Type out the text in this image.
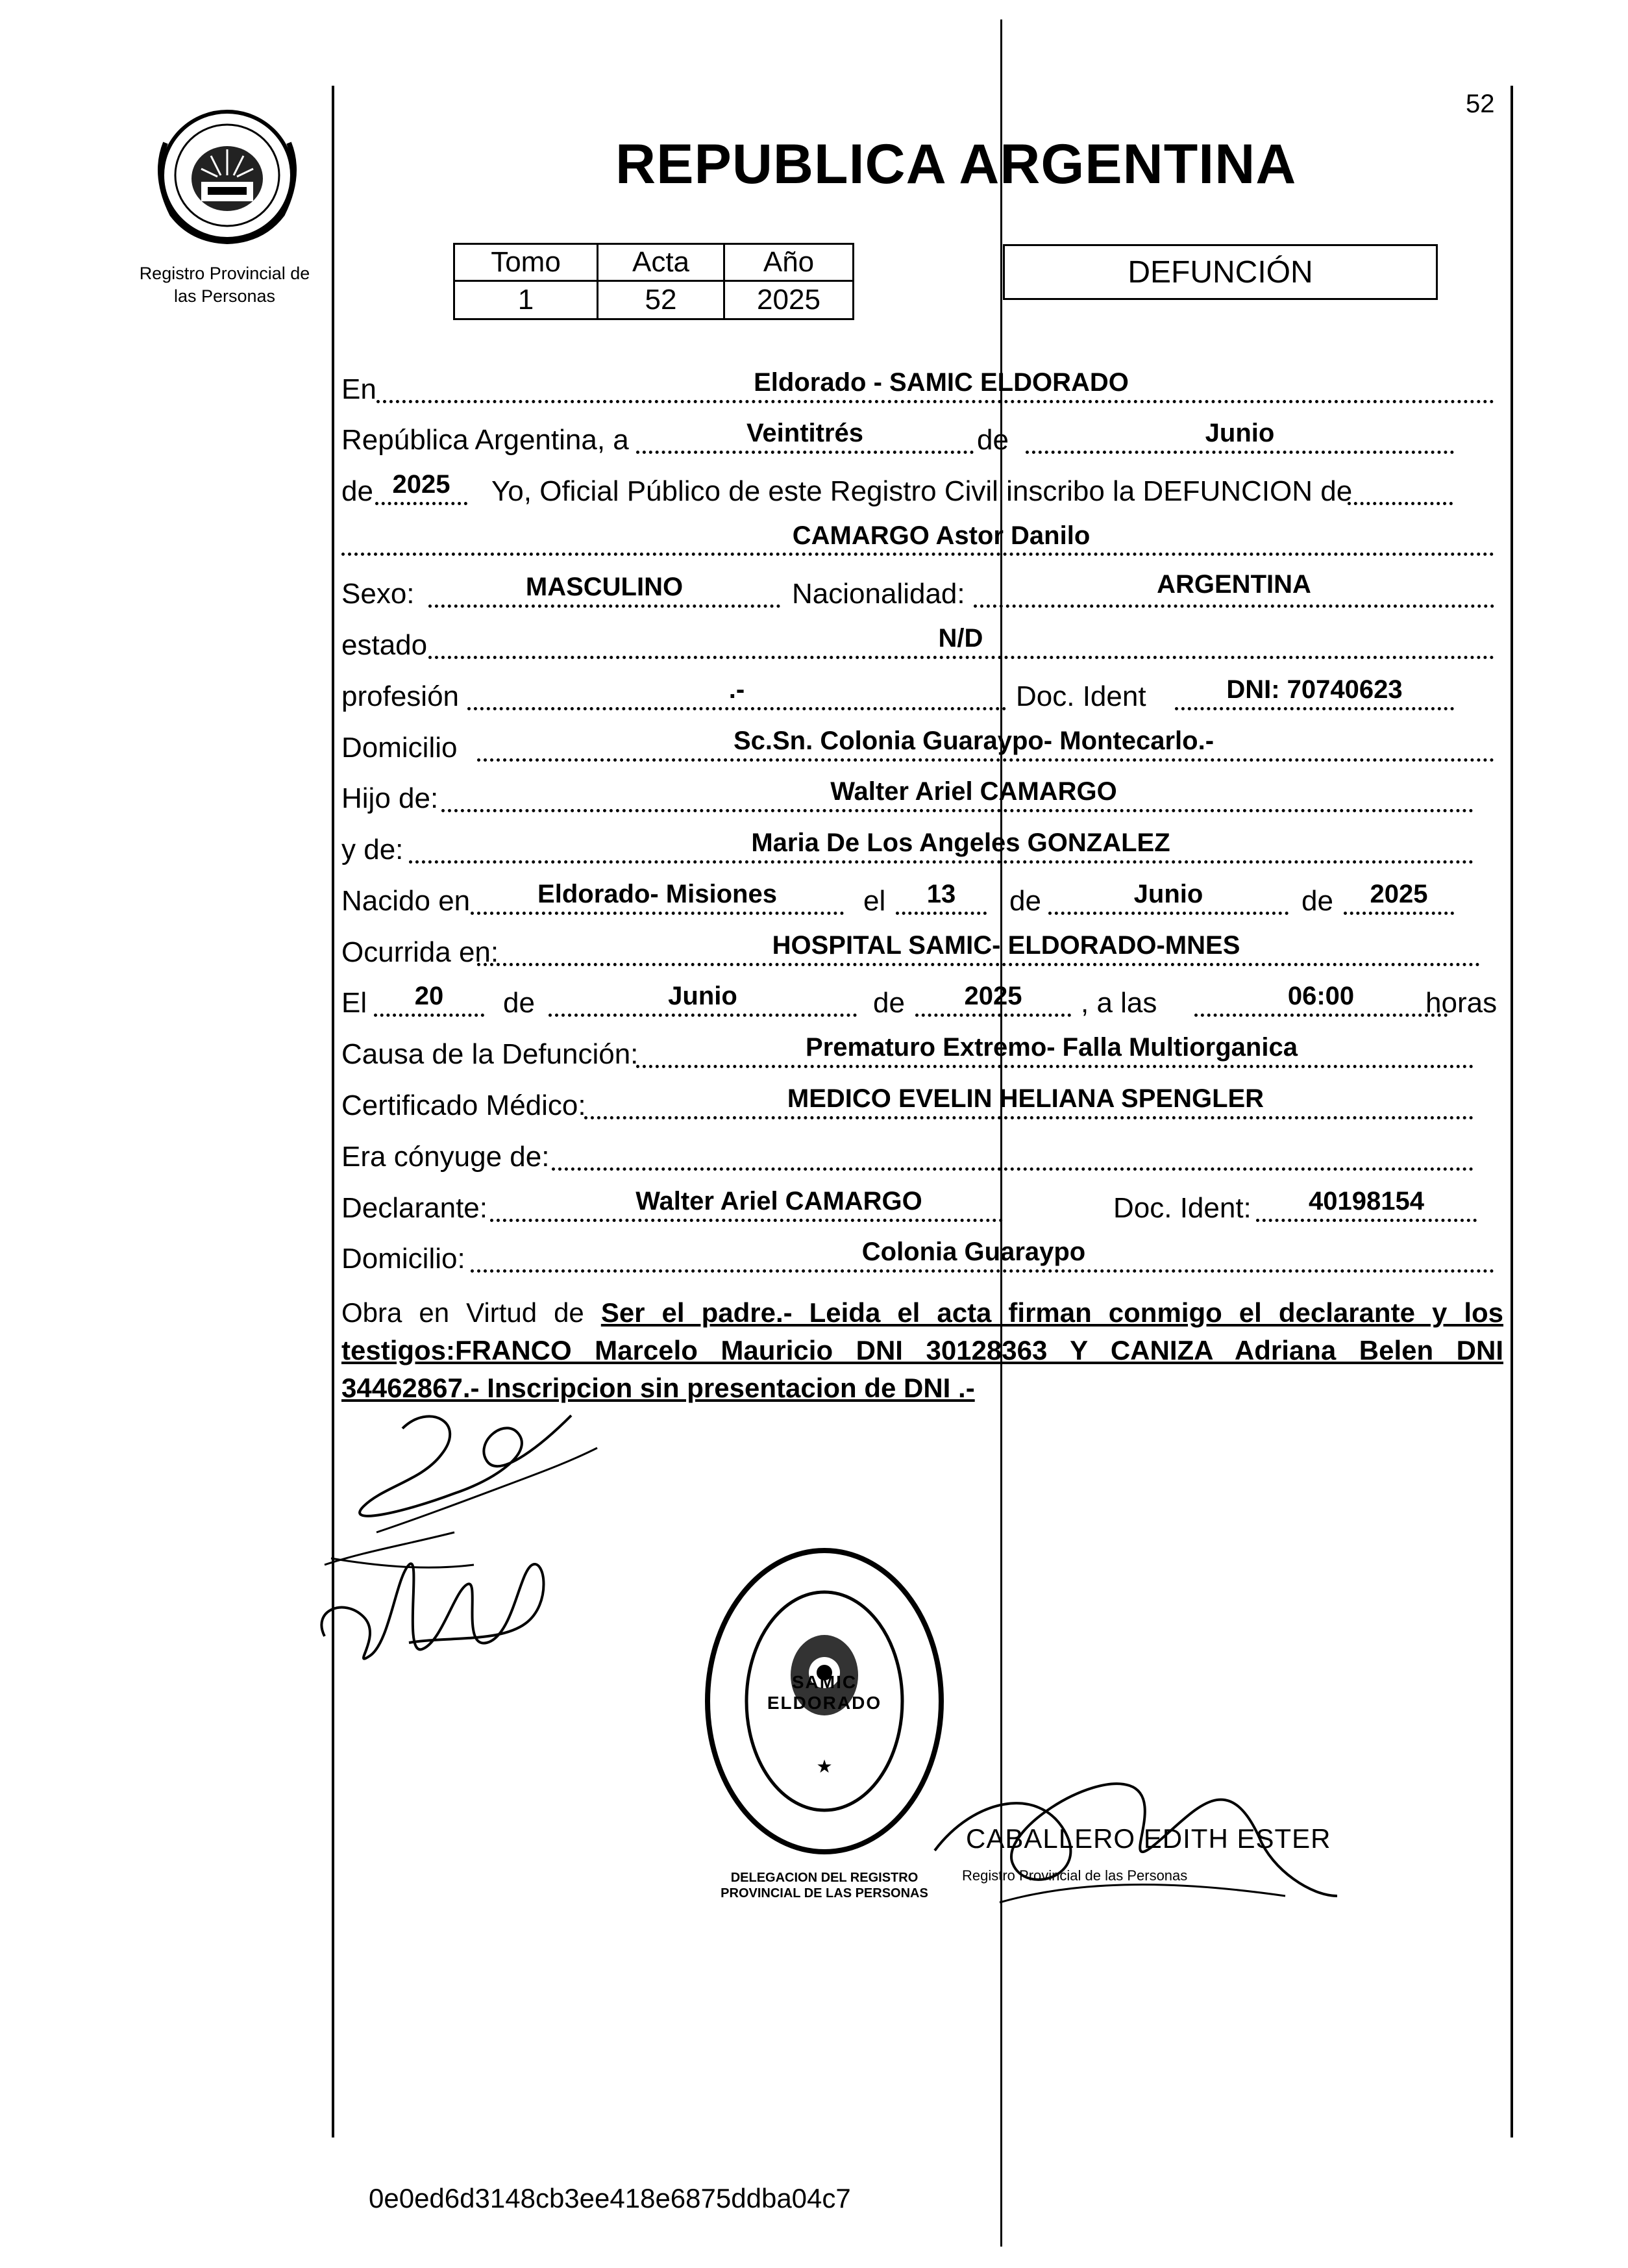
52
Registro Provincial de las Personas
REPUBLICA ARGENTINA
Tomo	Acta	Año
1	52	2025
DEFUNCIÓN
En	Eldorado - SAMIC ELDORADO
República Argentina, a	Veintitrés	de	Junio
de 2025	Yo, Oficial Público de este Registro Civil inscribo la DEFUNCION de
CAMARGO Astor Danilo
Sexo:	MASCULINO	Nacionalidad:	ARGENTINA
estado	N/D
profesión	.-	Doc. Ident	DNI: 70740623
Domicilio	Sc.Sn. Colonia Guaraypo- Montecarlo.-
Hijo de:	Walter Ariel CAMARGO
y de:	Maria De Los Angeles GONZALEZ
Nacido en	Eldorado- Misiones	el	13	de	Junio	de	2025
Ocurrida en:	HOSPITAL SAMIC- ELDORADO-MNES
El	20	de	Junio	de	2025	, a las	06:00	horas
Causa de la Defunción:	Prematuro Extremo- Falla Multiorganica
Certificado Médico:	MEDICO EVELIN HELIANA SPENGLER
Era cónyuge de:
Declarante:	Walter Ariel CAMARGO	Doc. Ident:	40198154
Domicilio:	Colonia Guaraypo
Obra en Virtud de Ser el padre.- Leida el acta firman conmigo el declarante y los testigos:FRANCO Marcelo Mauricio DNI 30128363 Y CANIZA Adriana Belen DNI 34462867.- Inscripcion sin presentacion de DNI .-
★
DELEGACION DEL REGISTRO PROVINCIAL DE LAS PERSONAS
SAMIC ELDORADO
CABALLERO EDITH ESTER
Registro Provincial de las Personas
0e0ed6d3148cb3ee418e6875ddba04c7
